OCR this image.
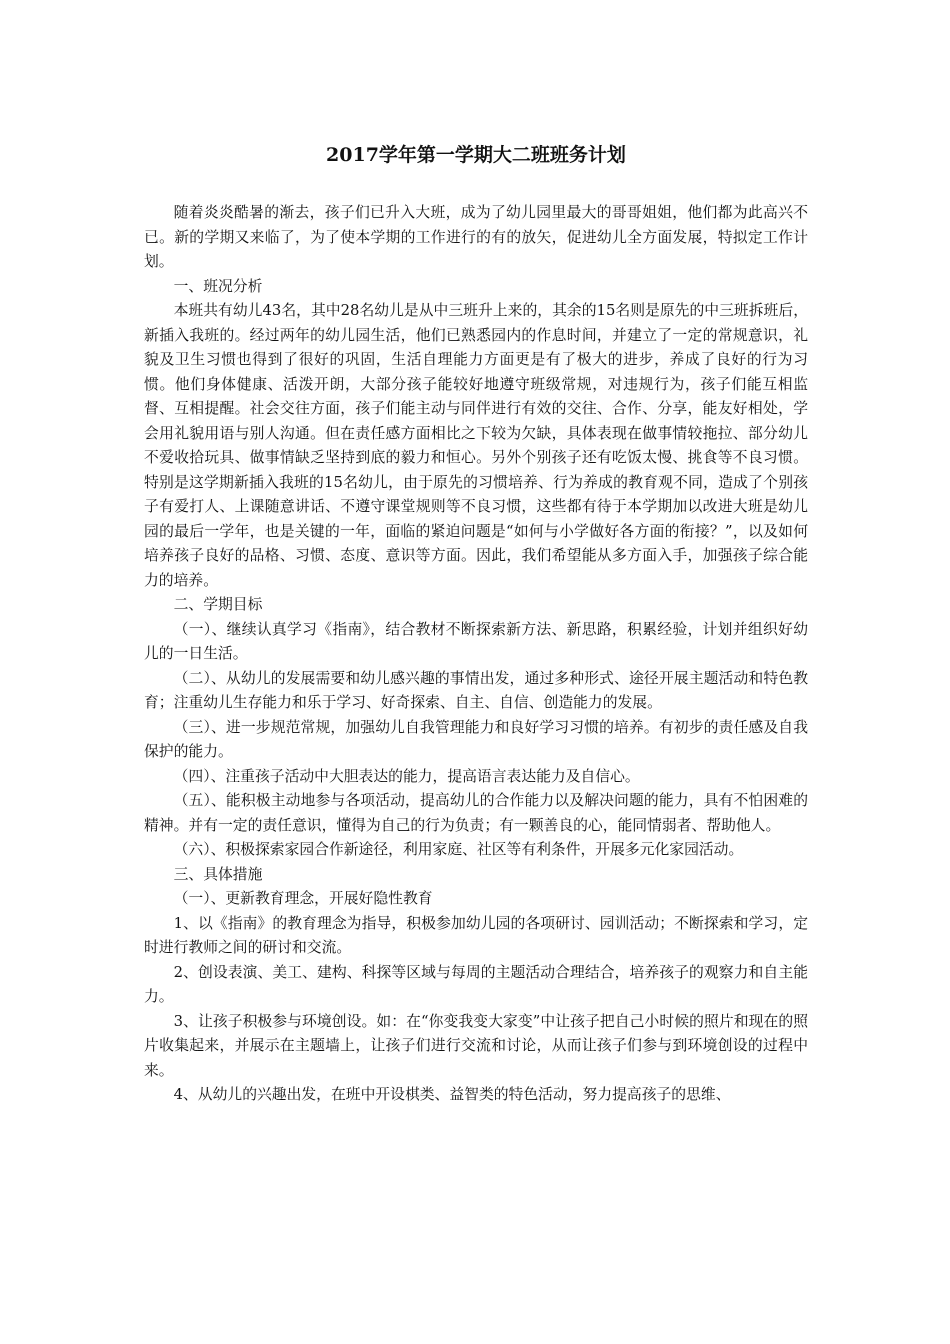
2017学年第一学期大二班班务计划

随着炎炎酷暑的渐去，孩子们已升入大班，成为了幼儿园里最大的哥哥姐姐，他们都为此高兴不已。新的学期又来临了，为了使本学期的工作进行的有的放矢，促进幼儿全方面发展，特拟定工作计划。

一、班况分析

本班共有幼儿43名，其中28名幼儿是从中三班升上来的，其余的15名则是原先的中三班拆班后，新插入我班的。经过两年的幼儿园生活，他们已熟悉园内的作息时间，并建立了一定的常规意识，礼貌及卫生习惯也得到了很好的巩固，生活自理能力方面更是有了极大的进步，养成了良好的行为习惯。他们身体健康、活泼开朗，大部分孩子能较好地遵守班级常规，对违规行为，孩子们能互相监督、互相提醒。社会交往方面，孩子们能主动与同伴进行有效的交往、合作、分享，能友好相处，学会用礼貌用语与别人沟通。但在责任感方面相比之下较为欠缺，具体表现在做事情较拖拉、部分幼儿不爱收拾玩具、做事情缺乏坚持到底的毅力和恒心。另外个别孩子还有吃饭太慢、挑食等不良习惯。特别是这学期新插入我班的15名幼儿，由于原先的习惯培养、行为养成的教育观不同，造成了个别孩子有爱打人、上课随意讲话、不遵守课堂规则等不良习惯，这些都有待于本学期加以改进大班是幼儿园的最后一学年，也是关键的一年，面临的紧迫问题是“如何与小学做好各方面的衔接？”，以及如何培养孩子良好的品格、习惯、态度、意识等方面。因此，我们希望能从多方面入手，加强孩子综合能力的培养。

二、学期目标

（一）、继续认真学习《指南》，结合教材不断探索新方法、新思路，积累经验，计划并组织好幼儿的一日生活。

（二）、从幼儿的发展需要和幼儿感兴趣的事情出发，通过多种形式、途径开展主题活动和特色教育；注重幼儿生存能力和乐于学习、好奇探索、自主、自信、创造能力的发展。

（三）、进一步规范常规，加强幼儿自我管理能力和良好学习习惯的培养。有初步的责任感及自我保护的能力。

（四）、注重孩子活动中大胆表达的能力，提高语言表达能力及自信心。

（五）、能积极主动地参与各项活动，提高幼儿的合作能力以及解决问题的能力，具有不怕困难的精神。并有一定的责任意识，懂得为自己的行为负责；有一颗善良的心，能同情弱者、帮助他人。

（六）、积极探索家园合作新途径，利用家庭、社区等有利条件，开展多元化家园活动。

三、具体措施

（一）、更新教育理念，开展好隐性教育

1、以《指南》的教育理念为指导，积极参加幼儿园的各项研讨、园训活动；不断探索和学习，定时进行教师之间的研讨和交流。

2、创设表演、美工、建构、科探等区域与每周的主题活动合理结合，培养孩子的观察力和自主能力。

3、让孩子积极参与环境创设。如：在“你变我变大家变”中让孩子把自己小时候的照片和现在的照片收集起来，并展示在主题墙上，让孩子们进行交流和讨论，从而让孩子们参与到环境创设的过程中来。

4、从幼儿的兴趣出发，在班中开设棋类、益智类的特色活动，努力提高孩子的思维、
